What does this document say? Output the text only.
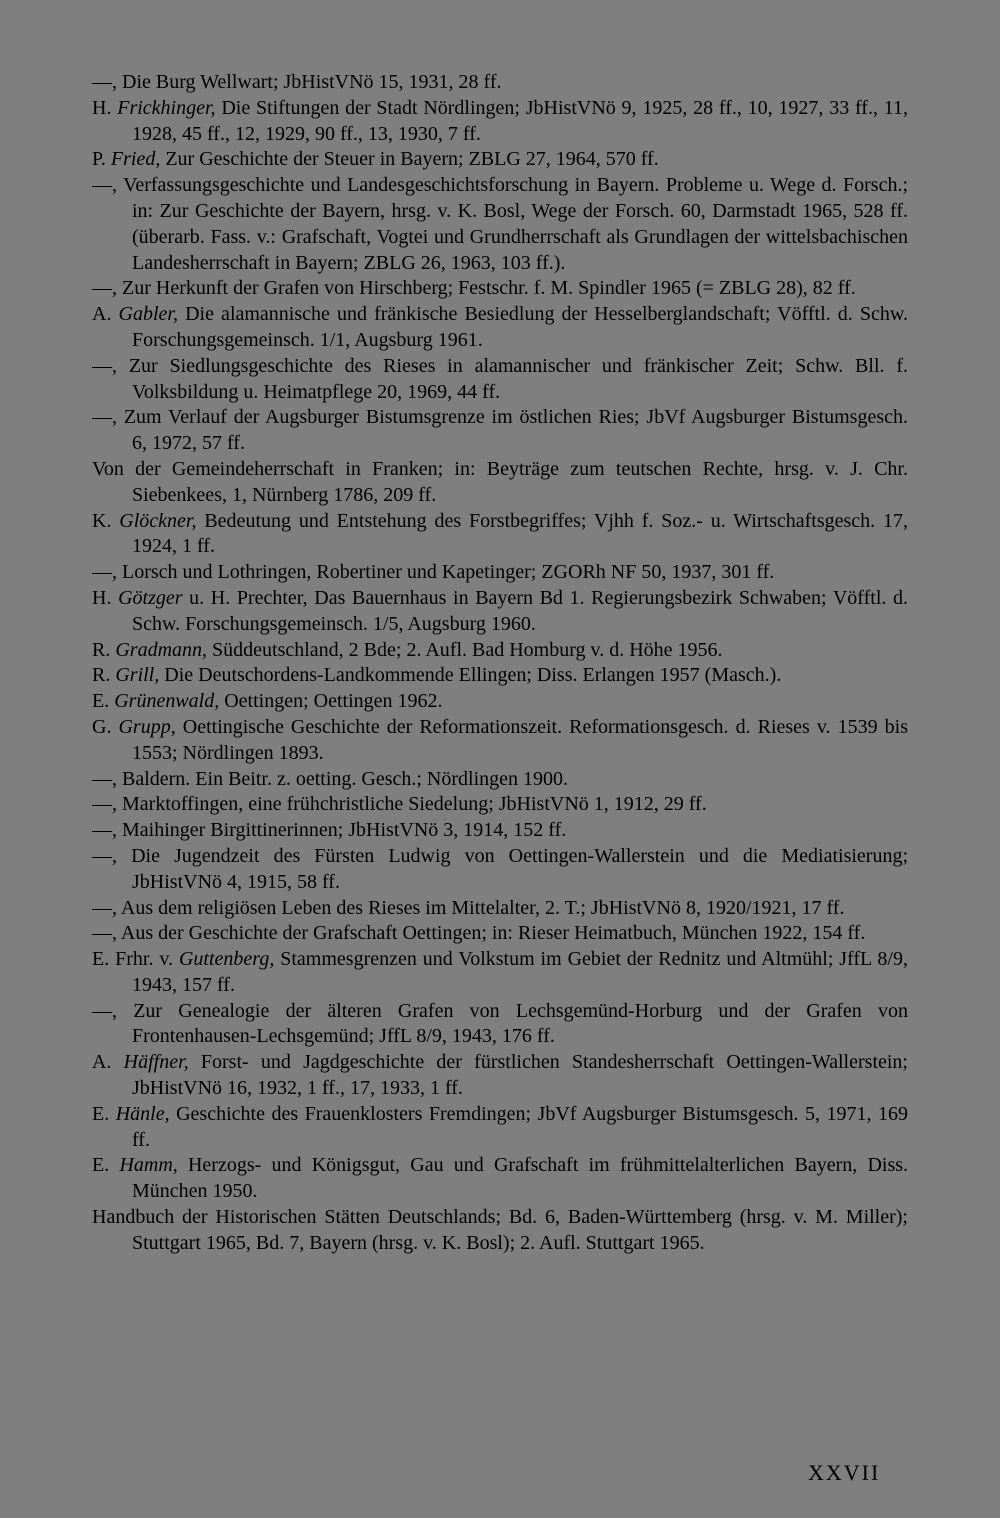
—, Die Burg Wellwart; JbHistVNö 15, 1931, 28 ff.

H. Frickhinger, Die Stiftungen der Stadt Nördlingen; JbHistVNö 9, 1925, 28 ff., 10, 1927, 33 ff., 11, 1928, 45 ff., 12, 1929, 90 ff., 13, 1930, 7 ff.

P. Fried, Zur Geschichte der Steuer in Bayern; ZBLG 27, 1964, 570 ff.

—, Verfassungsgeschichte und Landesgeschichtsforschung in Bayern. Probleme u. Wege d. Forsch.; in: Zur Geschichte der Bayern, hrsg. v. K. Bosl, Wege der Forsch. 60, Darmstadt 1965, 528 ff. (überarb. Fass. v.: Grafschaft, Vogtei und Grundherrschaft als Grundlagen der wittelsbachischen Landesherrschaft in Bayern; ZBLG 26, 1963, 103 ff.).

—, Zur Herkunft der Grafen von Hirschberg; Festschr. f. M. Spindler 1965 (= ZBLG 28), 82 ff.

A. Gabler, Die alamannische und fränkische Besiedlung der Hesselberglandschaft; Vöfftl. d. Schw. Forschungsgemeinsch. 1/1, Augsburg 1961.

—, Zur Siedlungsgeschichte des Rieses in alamannischer und fränkischer Zeit; Schw. Bll. f. Volksbildung u. Heimatpflege 20, 1969, 44 ff.

—, Zum Verlauf der Augsburger Bistumsgrenze im östlichen Ries; JbVf Augsburger Bistumsgesch. 6, 1972, 57 ff.

Von der Gemeindeherrschaft in Franken; in: Beyträge zum teutschen Rechte, hrsg. v. J. Chr. Siebenkees, 1, Nürnberg 1786, 209 ff.

K. Glöckner, Bedeutung und Entstehung des Forstbegriffes; Vjhh f. Soz.- u. Wirtschaftsgesch. 17, 1924, 1 ff.

—, Lorsch und Lothringen, Robertiner und Kapetinger; ZGORh NF 50, 1937, 301 ff.

H. Götzger u. H. Prechter, Das Bauernhaus in Bayern Bd 1. Regierungsbezirk Schwaben; Vöfftl. d. Schw. Forschungsgemeinsch. 1/5, Augsburg 1960.

R. Gradmann, Süddeutschland, 2 Bde; 2. Aufl. Bad Homburg v. d. Höhe 1956.

R. Grill, Die Deutschordens-Landkommende Ellingen; Diss. Erlangen 1957 (Masch.).

E. Grünenwald, Oettingen; Oettingen 1962.

G. Grupp, Oettingische Geschichte der Reformationszeit. Reformationsgesch. d. Rieses v. 1539 bis 1553; Nördlingen 1893.

—, Baldern. Ein Beitr. z. oetting. Gesch.; Nördlingen 1900.

—, Marktoffingen, eine frühchristliche Siedelung; JbHistVNö 1, 1912, 29 ff.

—, Maihinger Birgittinerinnen; JbHistVNö 3, 1914, 152 ff.

—, Die Jugendzeit des Fürsten Ludwig von Oettingen-Wallerstein und die Mediatisierung; JbHistVNö 4, 1915, 58 ff.

—, Aus dem religiösen Leben des Rieses im Mittelalter, 2. T.; JbHistVNö 8, 1920/1921, 17 ff.

—, Aus der Geschichte der Grafschaft Oettingen; in: Rieser Heimatbuch, München 1922, 154 ff.

E. Frhr. v. Guttenberg, Stammesgrenzen und Volkstum im Gebiet der Rednitz und Altmühl; JffL 8/9, 1943, 157 ff.

—, Zur Genealogie der älteren Grafen von Lechsgemünd-Horburg und der Grafen von Frontenhausen-Lechsgemünd; JffL 8/9, 1943, 176 ff.

A. Häffner, Forst- und Jagdgeschichte der fürstlichen Standesherrschaft Oettingen-Wallerstein; JbHistVNö 16, 1932, 1 ff., 17, 1933, 1 ff.

E. Hänle, Geschichte des Frauenklosters Fremdingen; JbVf Augsburger Bistumsgesch. 5, 1971, 169 ff.

E. Hamm, Herzogs- und Königsgut, Gau und Grafschaft im frühmittelalterlichen Bayern, Diss. München 1950.

Handbuch der Historischen Stätten Deutschlands; Bd. 6, Baden-Württemberg (hrsg. v. M. Miller); Stuttgart 1965, Bd. 7, Bayern (hrsg. v. K. Bosl); 2. Aufl. Stuttgart 1965.

XXVII
